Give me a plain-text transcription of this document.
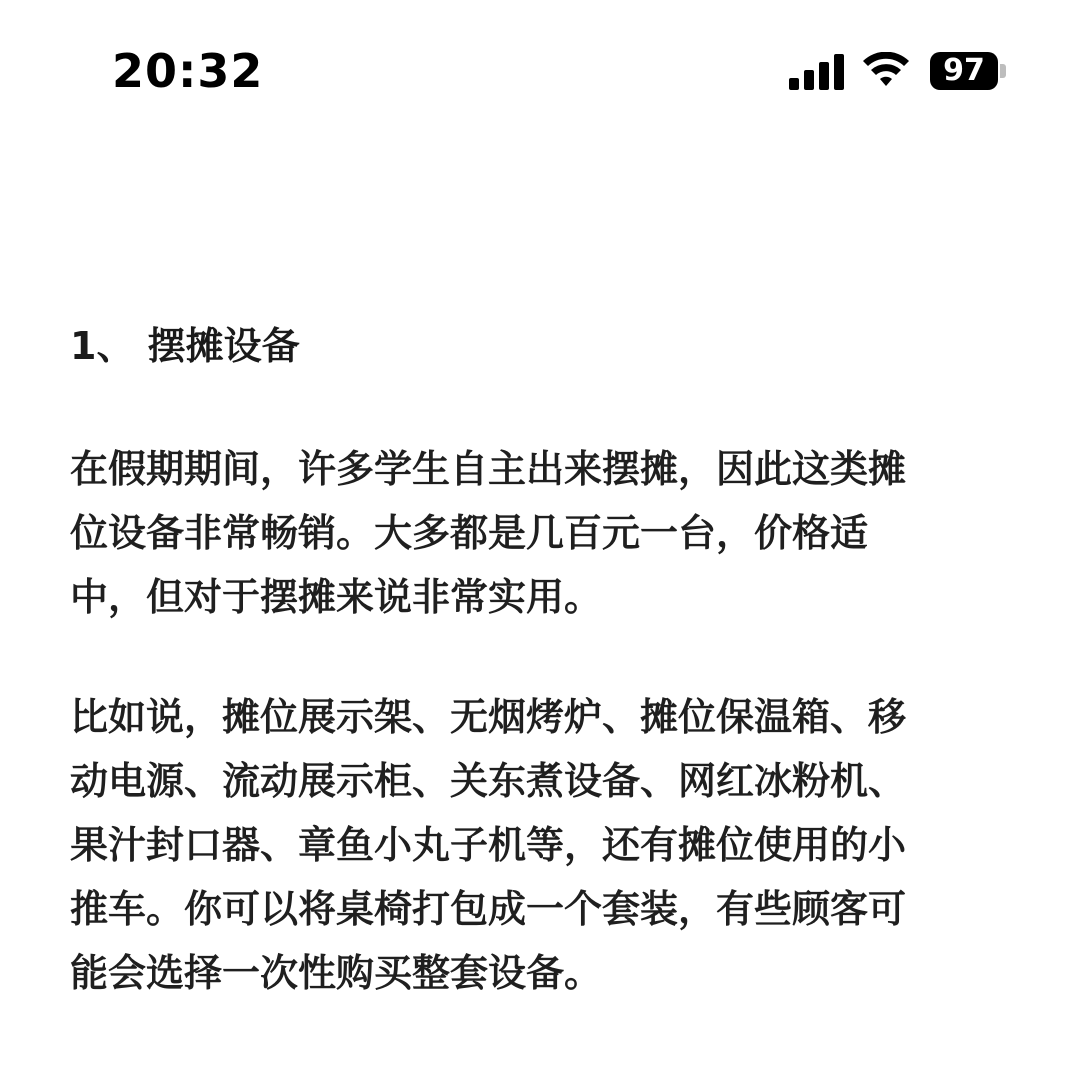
20:32	97
1、 摆摊设备
在假期期间，许多学生自主出来摆摊，因此这类摊
位设备非常畅销。大多都是几百元一台，价格适
中，但对于摆摊来说非常实用。
比如说，摊位展示架、无烟烤炉、摊位保温箱、移
动电源、流动展示柜、关东煮设备、网红冰粉机、
果汁封口器、章鱼小丸子机等，还有摊位使用的小
推车。你可以将桌椅打包成一个套装，有些顾客可
能会选择一次性购买整套设备。
